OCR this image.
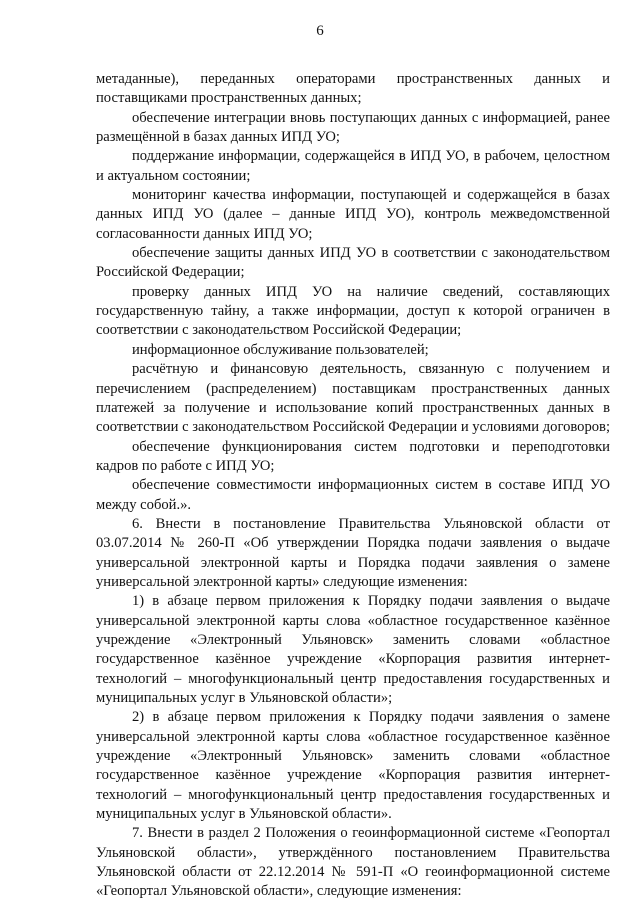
6

метаданные), переданных операторами пространственных данных и поставщиками пространственных данных;

обеспечение интеграции вновь поступающих данных с информацией, ранее размещённой в базах данных ИПД УО;

поддержание информации, содержащейся в ИПД УО, в рабочем, целостном и актуальном состоянии;

мониторинг качества информации, поступающей и содержащейся в базах данных ИПД УО (далее – данные ИПД УО), контроль межведомственной согласованности данных ИПД УО;

обеспечение защиты данных ИПД УО в соответствии с законодательством Российской Федерации;

проверку данных ИПД УО на наличие сведений, составляющих государственную тайну, а также информации, доступ к которой ограничен в соответствии с законодательством Российской Федерации;

информационное обслуживание пользователей;

расчётную и финансовую деятельность, связанную с получением и перечислением (распределением) поставщикам пространственных данных платежей за получение и использование копий пространственных данных в соответствии с законодательством Российской Федерации и условиями договоров;

обеспечение функционирования систем подготовки и переподготовки кадров по работе с ИПД УО;

обеспечение совместимости информационных систем в составе ИПД УО между собой.».

6. Внести в постановление Правительства Ульяновской области от 03.07.2014 № 260-П «Об утверждении Порядка подачи заявления о выдаче универсальной электронной карты и Порядка подачи заявления о замене универсальной электронной карты» следующие изменения:

1) в абзаце первом приложения к Порядку подачи заявления о выдаче универсальной электронной карты слова «областное государственное казённое учреждение «Электронный Ульяновск» заменить словами «областное государственное казённое учреждение «Корпорация развития интернет-технологий – многофункциональный центр предоставления государственных и муниципальных услуг в Ульяновской области»;

2) в абзаце первом приложения к Порядку подачи заявления о замене универсальной электронной карты слова «областное государственное казённое учреждение «Электронный Ульяновск» заменить словами «областное государственное казённое учреждение «Корпорация развития интернет-технологий – многофункциональный центр предоставления государственных и муниципальных услуг в Ульяновской области».

7. Внести в раздел 2 Положения о геоинформационной системе «Геопортал Ульяновской области», утверждённого постановлением Правительства Ульяновской области от 22.12.2014 № 591-П «О геоинформационной системе «Геопортал Ульяновской области», следующие изменения:
